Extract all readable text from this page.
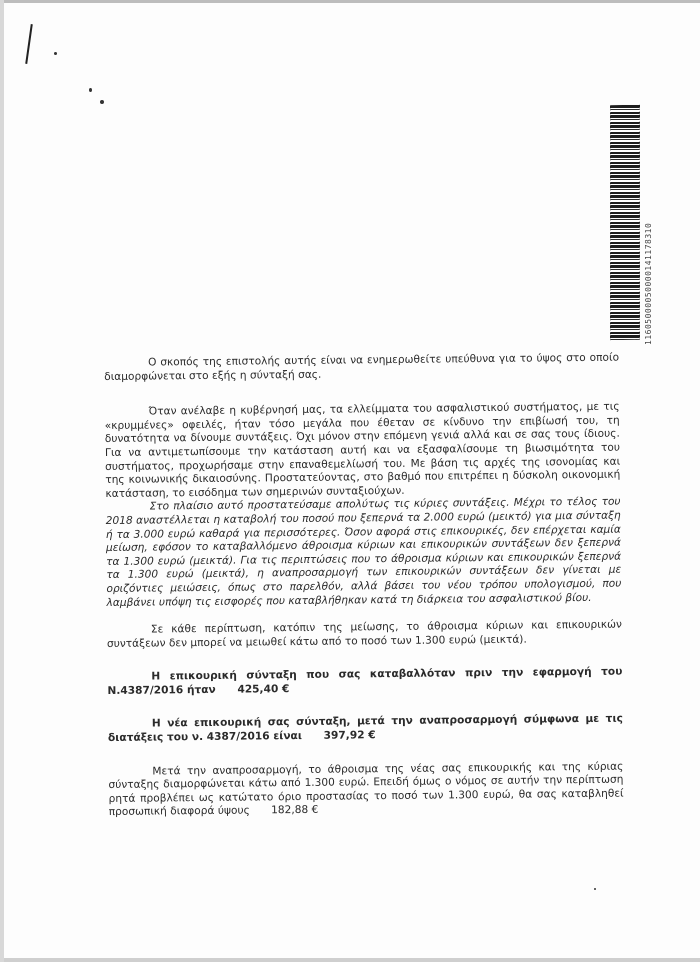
11605000050000141178310

Ο σκοπός της επιστολής αυτής είναι να ενημερωθείτε υπεύθυνα για το ύψος στο οποίο διαμορφώνεται στο εξής η σύνταξή σας.

Όταν ανέλαβε η κυβέρνησή μας, τα ελλείμματα του ασφαλιστικού συστήματος, με τις «κρυμμένες» οφειλές, ήταν τόσο μεγάλα που έθεταν σε κίνδυνο την επιβίωσή του, τη δυνατότητα να δίνουμε συντάξεις. Όχι μόνον στην επόμενη γενιά αλλά και σε σας τους ίδιους. Για να αντιμετωπίσουμε την κατάσταση αυτή και να εξασφαλίσουμε τη βιωσιμότητα του συστήματος, προχωρήσαμε στην επαναθεμελίωσή του. Με βάση τις αρχές της ισονομίας και της κοινωνικής δικαιοσύνης. Προστατεύοντας, στο βαθμό που επιτρέπει η δύσκολη οικονομική κατάσταση, το εισόδημα των σημερινών συνταξιούχων.

Στο πλαίσιο αυτό προστατεύσαμε απολύτως τις κύριες συντάξεις. Μέχρι το τέλος του 2018 αναστέλλεται η καταβολή του ποσού που ξεπερνά τα 2.000 ευρώ (μεικτό) για μια σύνταξη ή τα 3.000 ευρώ καθαρά για περισσότερες. Όσον αφορά στις επικουρικές, δεν επέρχεται καμία μείωση, εφόσον το καταβαλλόμενο άθροισμα κύριων και επικουρικών συντάξεων δεν ξεπερνά τα 1.300 ευρώ (μεικτά). Για τις περιπτώσεις που το άθροισμα κύριων και επικουρικών ξεπερνά τα 1.300 ευρώ (μεικτά), η αναπροσαρμογή των επικουρικών συντάξεων δεν γίνεται με οριζόντιες μειώσεις, όπως στο παρελθόν, αλλά βάσει του νέου τρόπου υπολογισμού, που λαμβάνει υπόψη τις εισφορές που καταβλήθηκαν κατά τη διάρκεια του ασφαλιστικού βίου.

Σε κάθε περίπτωση, κατόπιν της μείωσης, το άθροισμα κύριων και επικουρικών συντάξεων δεν μπορεί να μειωθεί κάτω από το ποσό των 1.300 ευρώ (μεικτά).

Η επικουρική σύνταξη που σας καταβαλλόταν πριν την εφαρμογή του Ν.4387/2016 ήταν 425,40 €

Η νέα επικουρική σας σύνταξη, μετά την αναπροσαρμογή σύμφωνα με τις διατάξεις του ν. 4387/2016 είναι 397,92 €

Μετά την αναπροσαρμογή, το άθροισμα της νέας σας επικουρικής και της κύριας σύνταξης διαμορφώνεται κάτω από 1.300 ευρώ. Επειδή όμως ο νόμος σε αυτήν την περίπτωση ρητά προβλέπει ως κατώτατο όριο προστασίας το ποσό των 1.300 ευρώ, θα σας καταβληθεί προσωπική διαφορά ύψους 182,88 €
